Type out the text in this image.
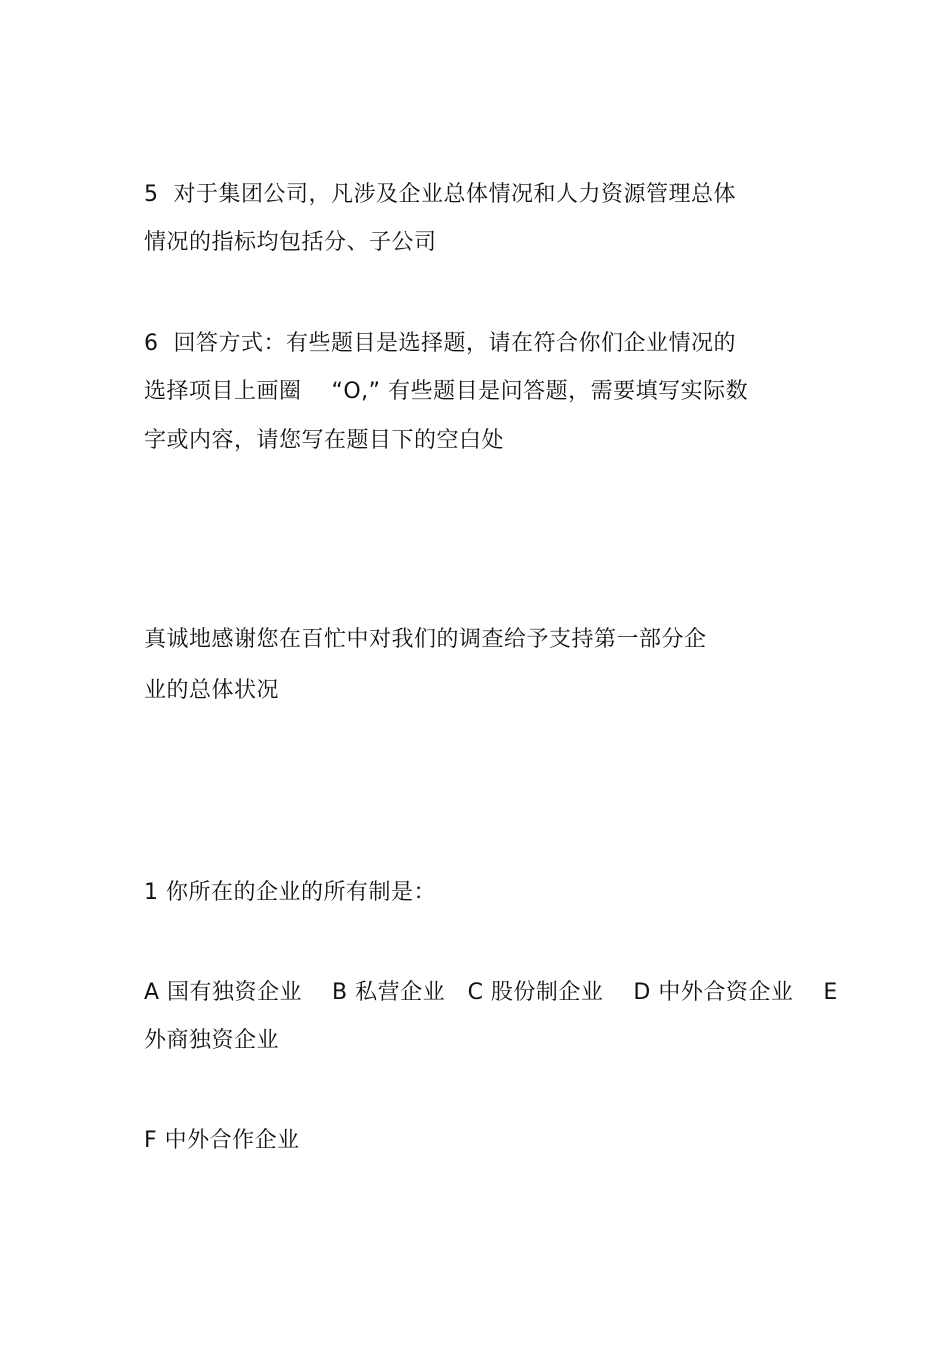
5  对于集团公司，凡涉及企业总体情况和人力资源管理总体
情况的指标均包括分、子公司
6  回答方式：有些题目是选择题，请在符合你们企业情况的
选择项目上画圈    “O,” 有些题目是问答题，需要填写实际数
字或内容，请您写在题目下的空白处
真诚地感谢您在百忙中对我们的调查给予支持第一部分企
业的总体状况
1 你所在的企业的所有制是：
A 国有独资企业    B 私营企业   C 股份制企业    D 中外合资企业    E
外商独资企业
F 中外合作企业
